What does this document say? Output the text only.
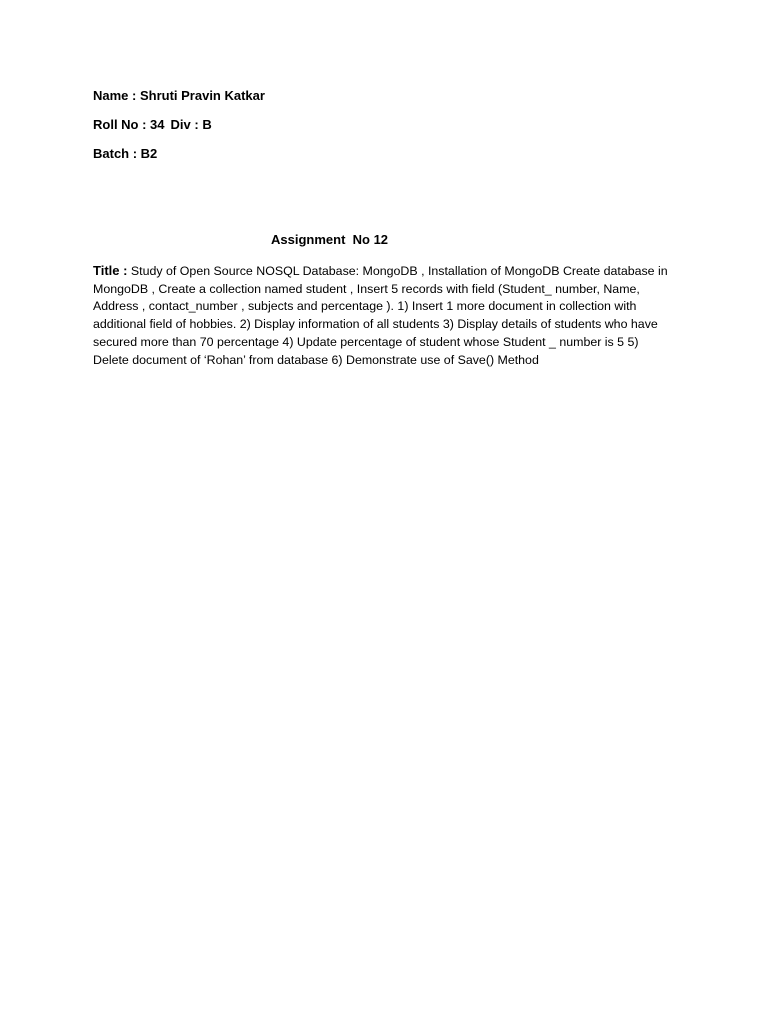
Name : Shruti Pravin Katkar
Roll No : 34 Div : B
Batch : B2
Assignment  No 12
Title : Study of Open Source NOSQL Database: MongoDB , Installation of MongoDB Create database in MongoDB , Create a collection named student , Insert 5 records with field (Student_ number, Name, Address , contact_number , subjects and percentage ). 1) Insert 1 more document in collection with additional field of hobbies. 2) Display information of all students 3) Display details of students who have secured more than 70 percentage 4) Update percentage of student whose Student _ number is 5 5) Delete document of ‘Rohan’ from database 6) Demonstrate use of Save() Method
